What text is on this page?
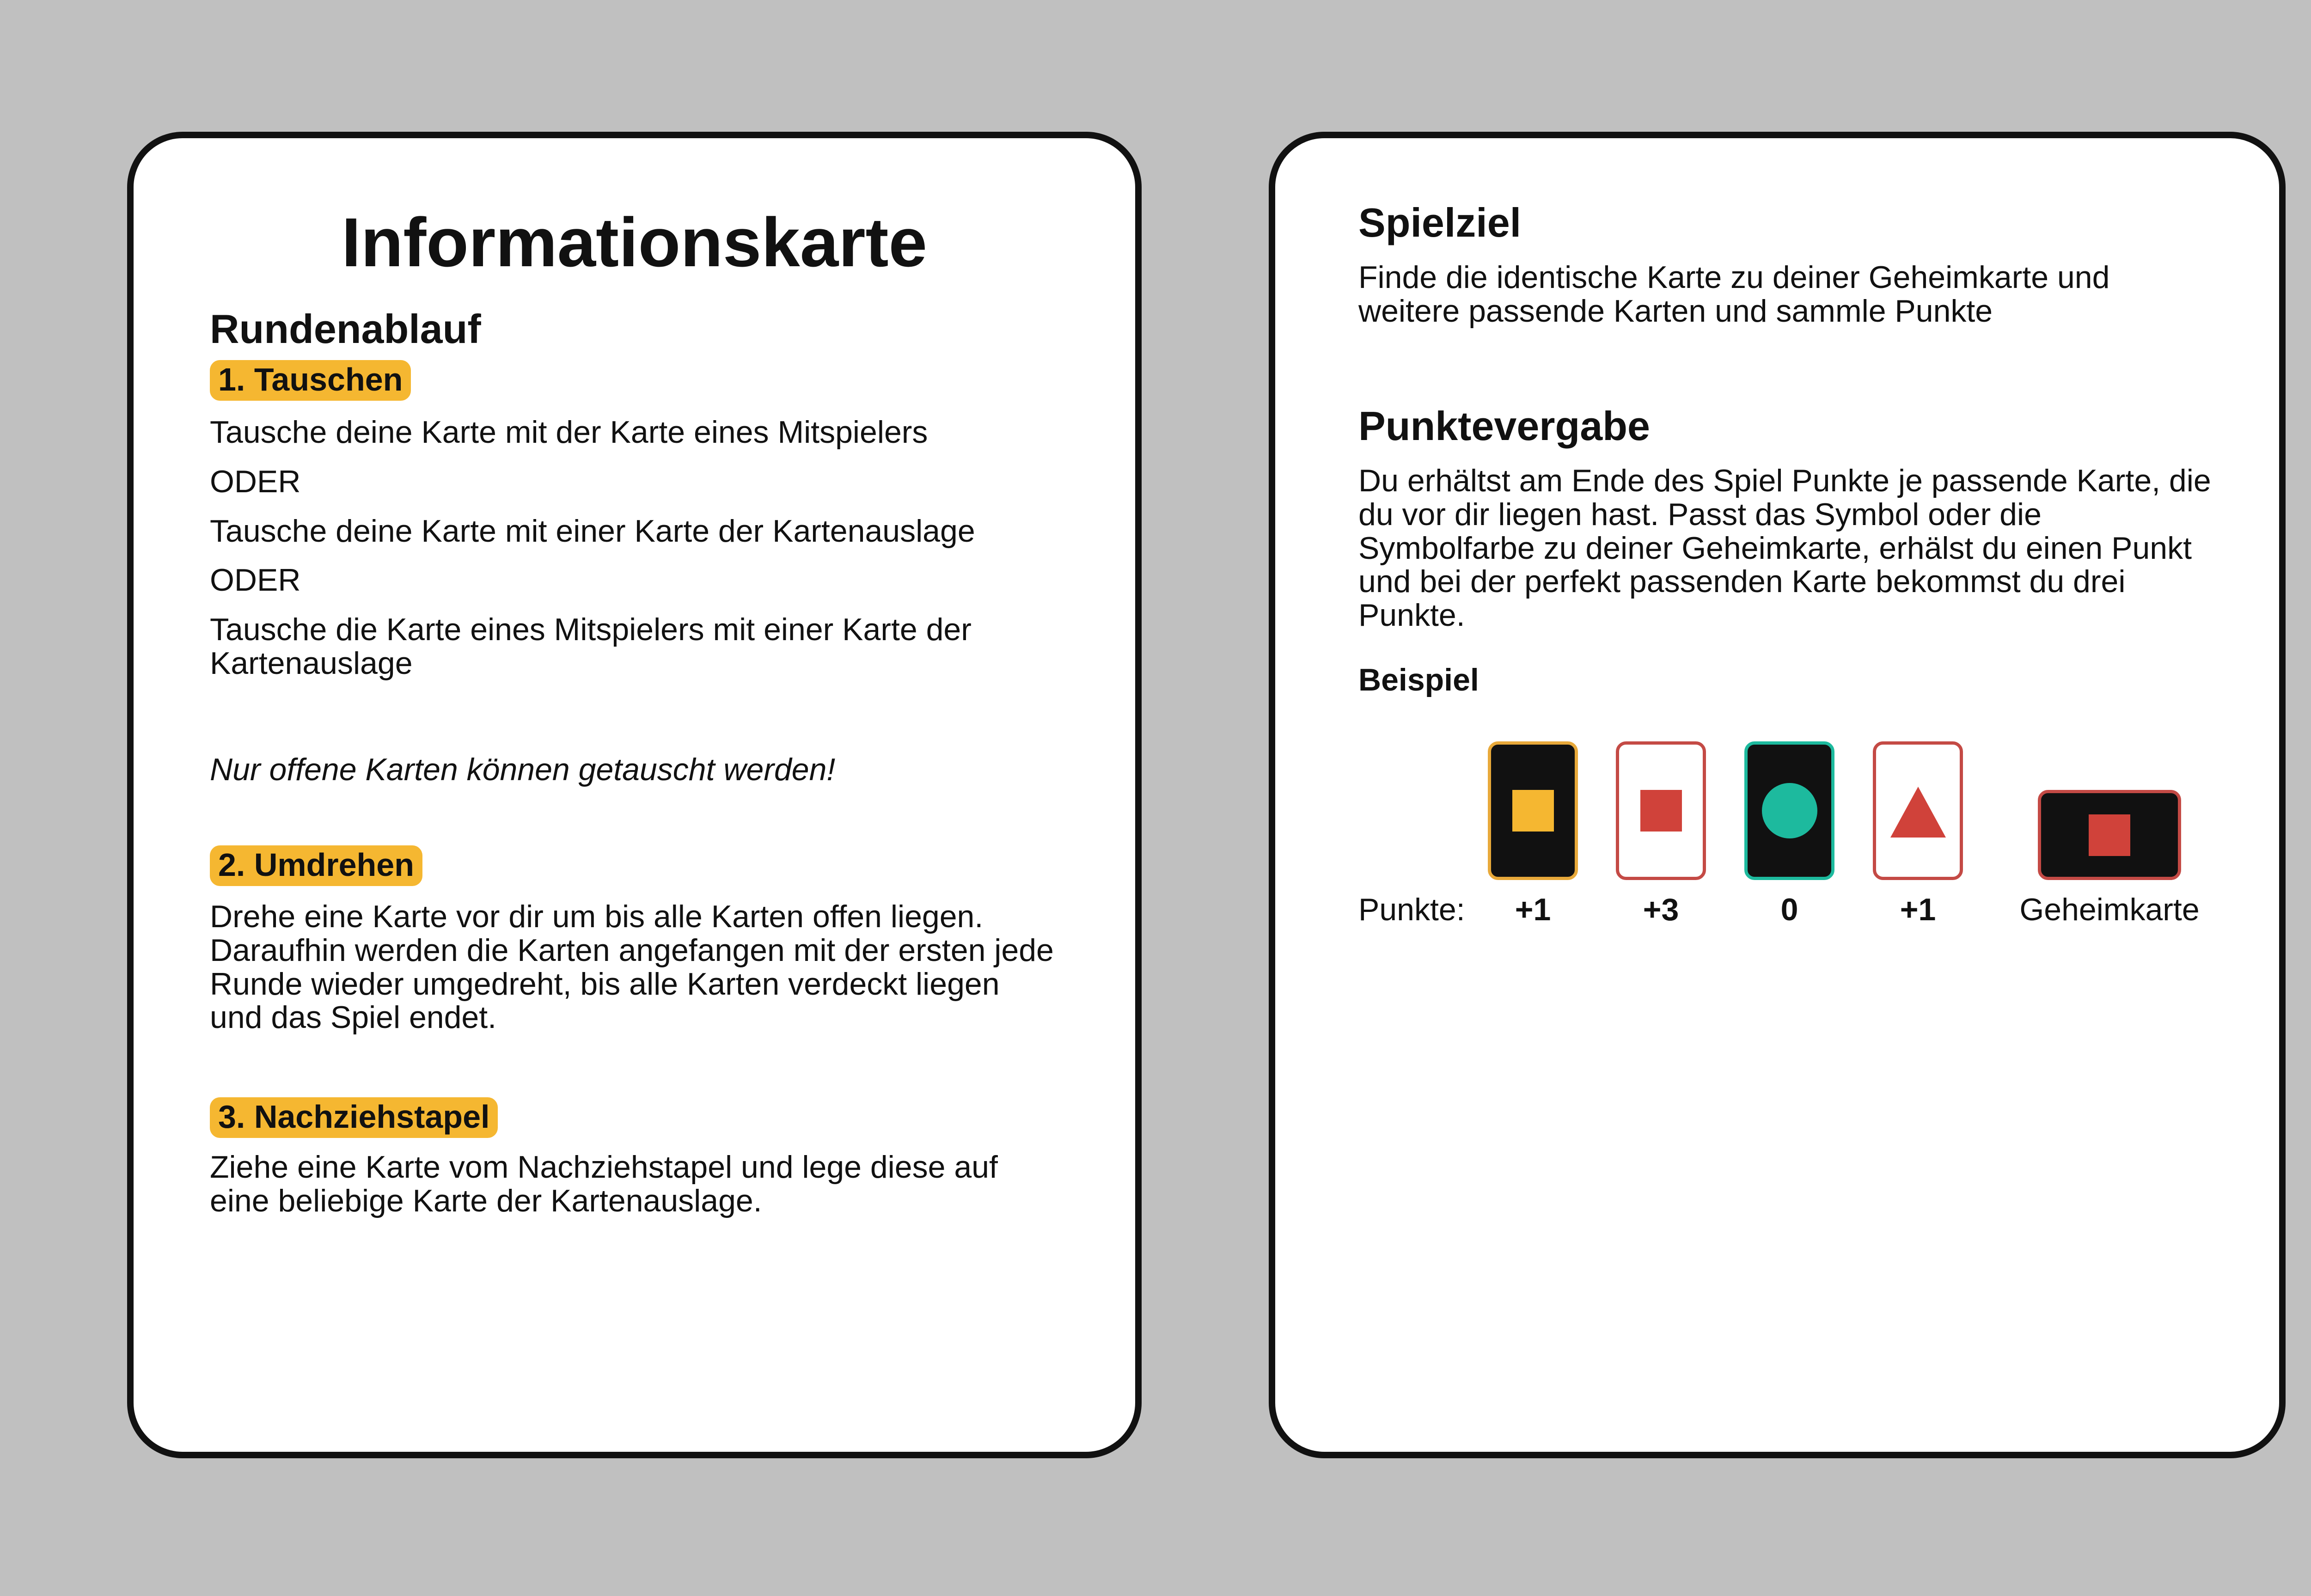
Informationskarte
Rundenablauf
1. Tauschen

Tausche deine Karte mit der Karte eines Mitspielers

ODER

Tausche deine Karte mit einer Karte der Kartenauslage

ODER

Tausche die Karte eines Mitspielers mit einer Karte der Kartenauslage

Nur offene Karten können getauscht werden!
2. Umdrehen
Drehe eine Karte vor dir um bis alle Karten offen liegen. Daraufhin werden die Karten angefangen mit der ersten jede Runde wieder umgedreht, bis alle Karten verdeckt liegen und das Spiel endet.
3. Nachziehstapel
Ziehe eine Karte vom Nachziehstapel und lege diese auf eine beliebige Karte der Kartenauslage.
Spielziel
Finde die identische Karte zu deiner Geheimkarte und weitere passende Karten und sammle Punkte
Punktevergabe
Du erhältst am Ende des Spiel Punkte je passende Karte, die du vor dir liegen hast. Passt das Symbol oder die Symbolfarbe zu deiner Geheimkarte, erhälst du einen Punkt und bei der perfekt passenden Karte bekommst du drei Punkte.
Beispiel
Punkte:	+1	+3	0	+1	Geheimkarte
